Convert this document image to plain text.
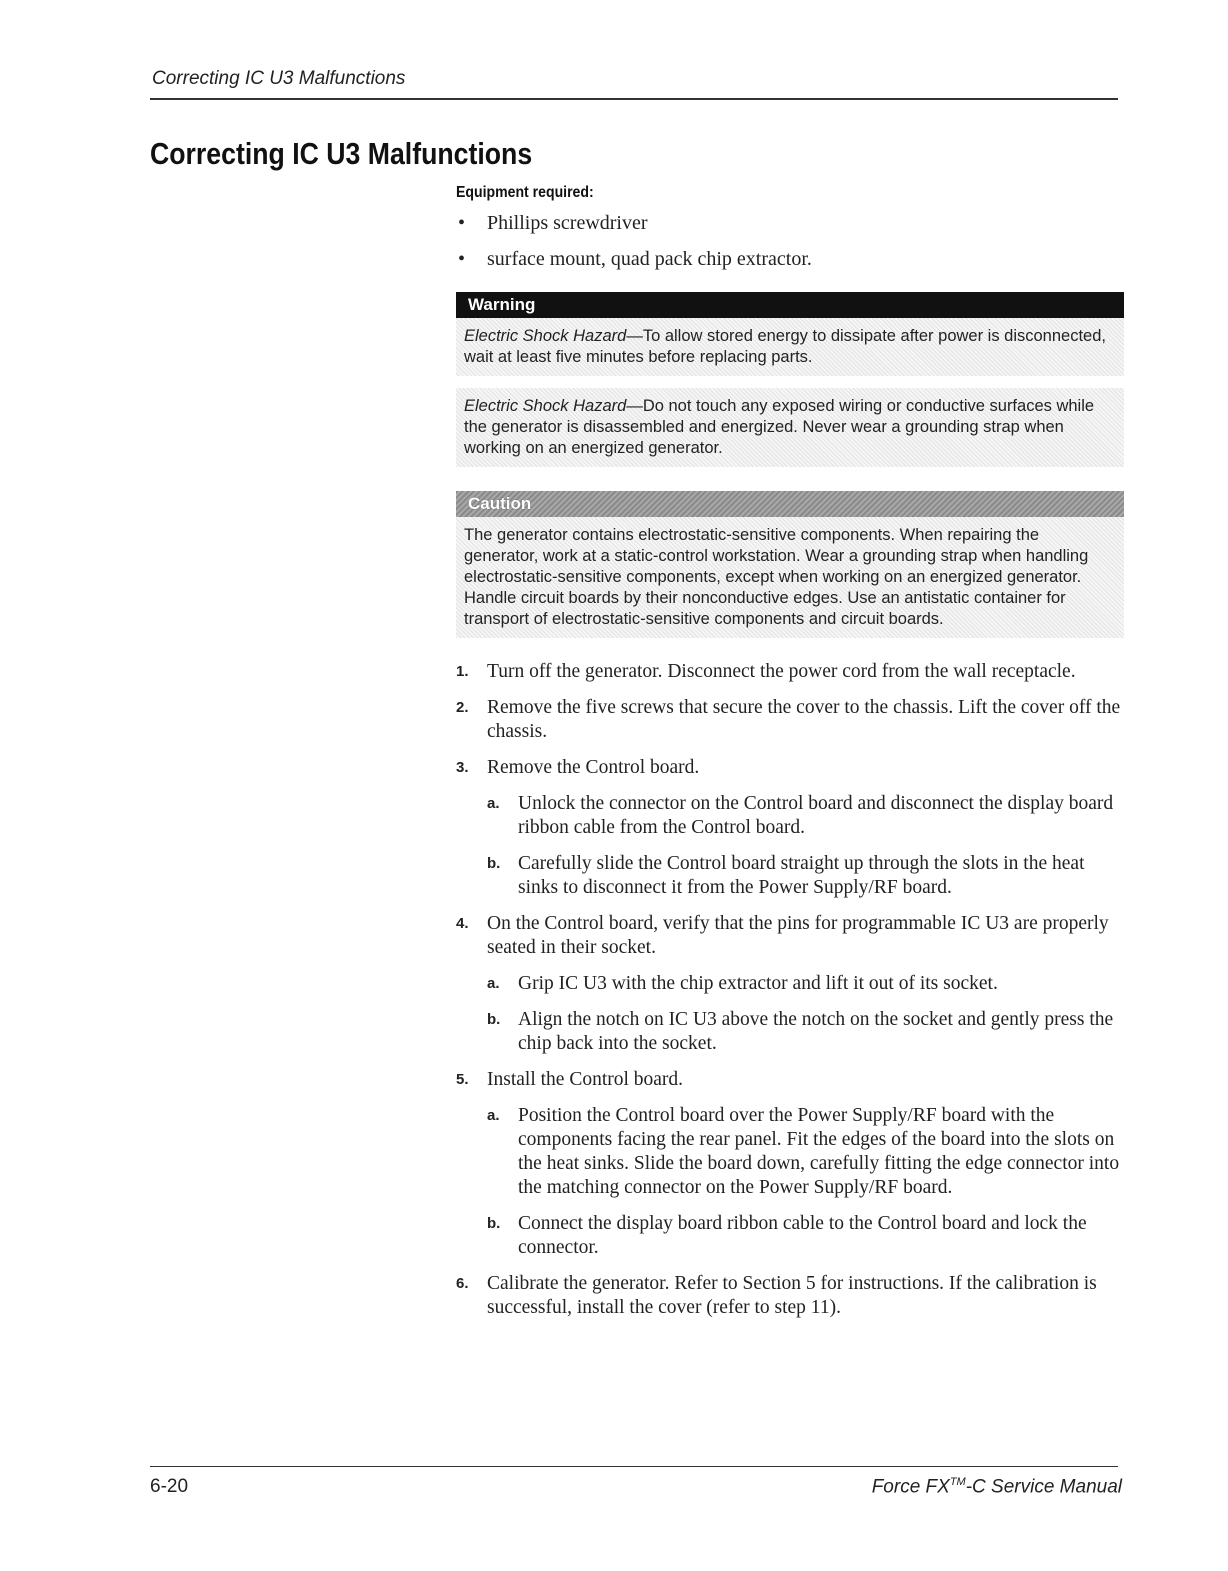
Correcting IC U3 Malfunctions
Correcting IC U3 Malfunctions
Equipment required:
• Phillips screwdriver
• surface mount, quad pack chip extractor.
Warning

Electric Shock Hazard—To allow stored energy to dissipate after power is disconnected, wait at least five minutes before replacing parts.

Electric Shock Hazard—Do not touch any exposed wiring or conductive surfaces while the generator is disassembled and energized. Never wear a grounding strap when working on an energized generator.

Caution

The generator contains electrostatic-sensitive components. When repairing the generator, work at a static-control workstation. Wear a grounding strap when handling electrostatic-sensitive components, except when working on an energized generator. Handle circuit boards by their nonconductive edges. Use an antistatic container for transport of electrostatic-sensitive components and circuit boards.

1. Turn off the generator. Disconnect the power cord from the wall receptacle.
2. Remove the five screws that secure the cover to the chassis. Lift the cover off the chassis.
3. Remove the Control board.
a. Unlock the connector on the Control board and disconnect the display board ribbon cable from the Control board.
b. Carefully slide the Control board straight up through the slots in the heat sinks to disconnect it from the Power Supply/RF board.
4. On the Control board, verify that the pins for programmable IC U3 are properly seated in their socket.
a. Grip IC U3 with the chip extractor and lift it out of its socket.
b. Align the notch on IC U3 above the notch on the socket and gently press the chip back into the socket.
5. Install the Control board.
a. Position the Control board over the Power Supply/RF board with the components facing the rear panel. Fit the edges of the board into the slots on the heat sinks. Slide the board down, carefully fitting the edge connector into the matching connector on the Power Supply/RF board.
b. Connect the display board ribbon cable to the Control board and lock the connector.
6. Calibrate the generator. Refer to Section 5 for instructions. If the calibration is successful, install the cover (refer to step 11).
6-20	Force FX™-C Service Manual
